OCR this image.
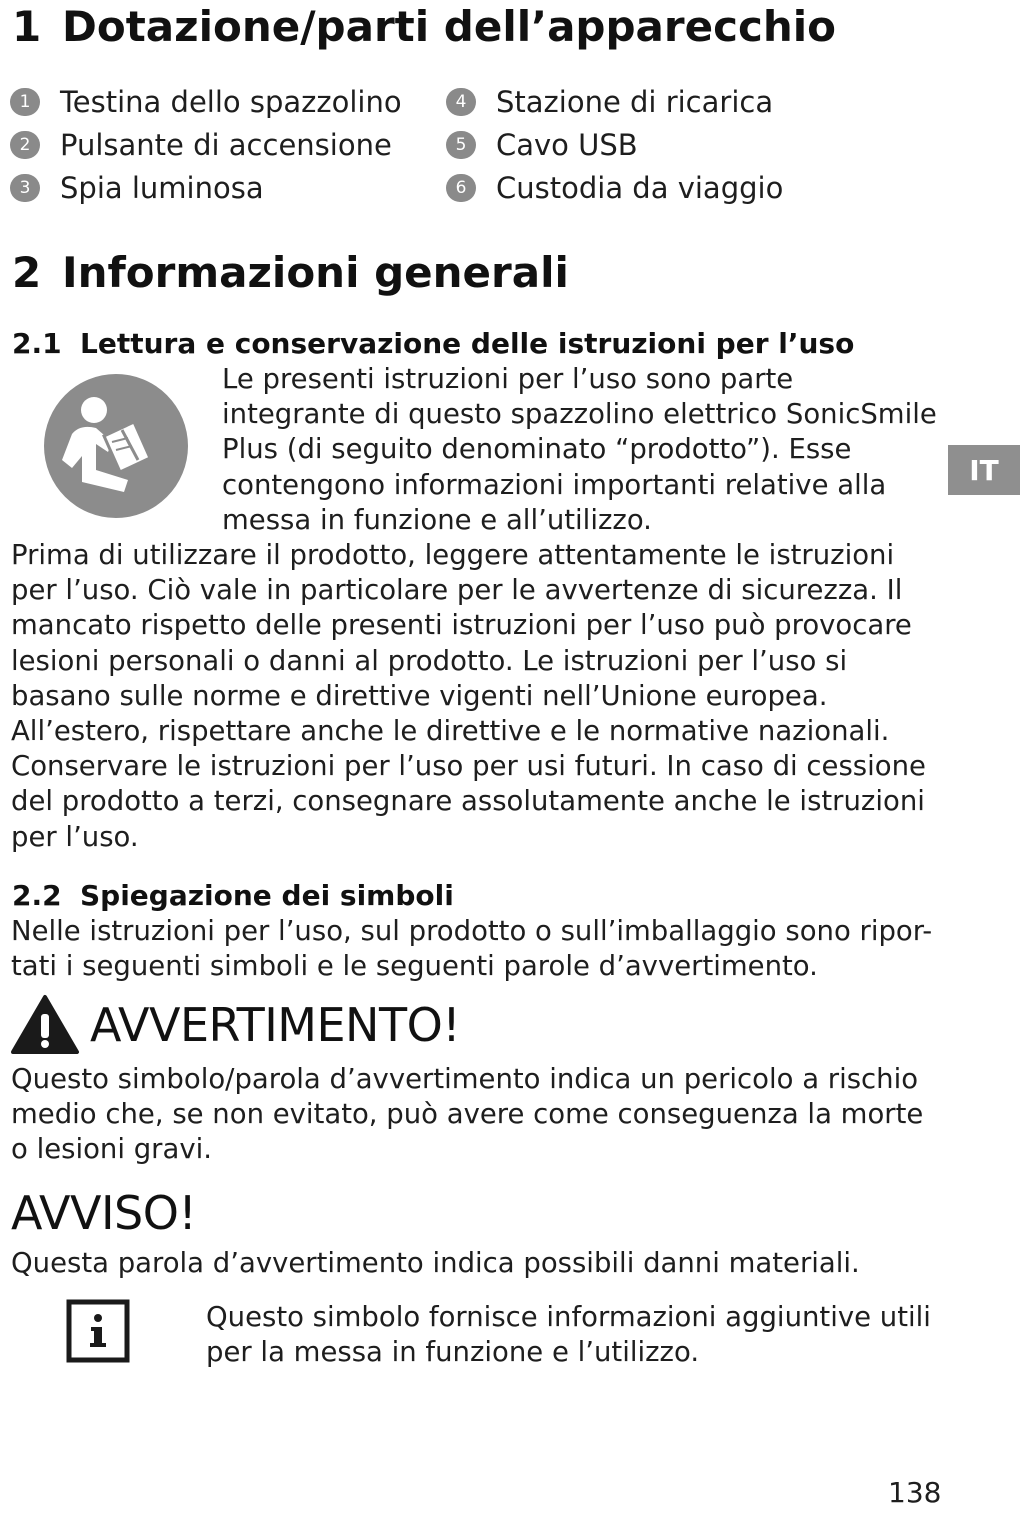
1 Dotazione/parti dell’apparecchio
1	Testina dello spazzolino
2	Pulsante di accensione
3	Spia luminosa
4	Stazione di ricarica
5	Cavo USB
6	Custodia da viaggio
2 Informazioni generali
2.1 Lettura e conservazione delle istruzioni per l’uso
Le presenti istruzioni per l’uso sono parte
integrante di questo spazzolino elettrico SonicSmile
Plus (di seguito denominato “prodotto”). Esse
contengono informazioni importanti relative alla
messa in funzione e all’utilizzo.
IT
Prima di utilizzare il prodotto, leggere attentamente le istruzioni
per l’uso. Ciò vale in particolare per le avvertenze di sicurezza. Il
mancato rispetto delle presenti istruzioni per l’uso può provocare
lesioni personali o danni al prodotto. Le istruzioni per l’uso si
basano sulle norme e direttive vigenti nell’Unione europea.
All’estero, rispettare anche le direttive e le normative nazionali.
Conservare le istruzioni per l’uso per usi futuri. In caso di cessione
del prodotto a terzi, consegnare assolutamente anche le istruzioni
per l’uso.
2.2 Spiegazione dei simboli
Nelle istruzioni per l’uso, sul prodotto o sull’imballaggio sono ripor-
tati i seguenti simboli e le seguenti parole d’avvertimento.
AVVERTIMENTO!
Questo simbolo/parola d’avvertimento indica un pericolo a rischio
medio che, se non evitato, può avere come conseguenza la morte
o lesioni gravi.
AVVISO!
Questa parola d’avvertimento indica possibili danni materiali.
Questo simbolo fornisce informazioni aggiuntive utili
per la messa in funzione e l’utilizzo.
138
